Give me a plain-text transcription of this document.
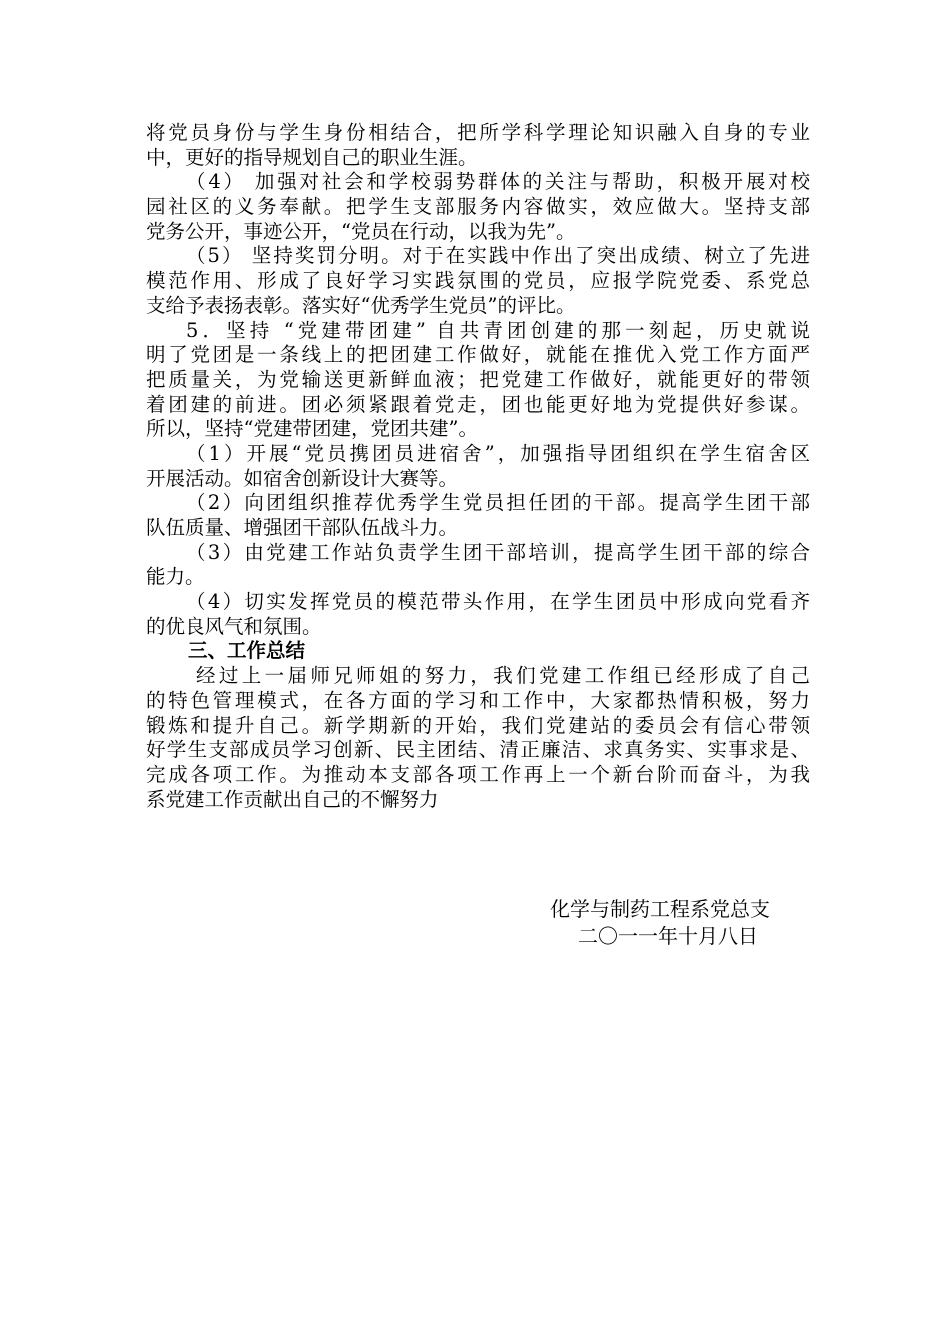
将党员身份与学生身份相结合，把所学科学理论知识融入自身的专业
中，更好的指导规划自己的职业生涯。
（4） 加强对社会和学校弱势群体的关注与帮助，积极开展对校
园社区的义务奉献。把学生支部服务内容做实，效应做大。坚持支部
党务公开，事迹公开，“党员在行动，以我为先”。
（5） 坚持奖罚分明。对于在实践中作出了突出成绩、树立了先进
模范作用、形成了良好学习实践氛围的党员，应报学院党委、系党总
支给予表扬表彰。落实好“优秀学生党员”的评比。
5．坚持 “党建带团建” 自共青团创建的那一刻起，历史就说
明了党团是一条线上的把团建工作做好，就能在推优入党工作方面严
把质量关，为党输送更新鲜血液；把党建工作做好，就能更好的带领
着团建的前进。团必须紧跟着党走，团也能更好地为党提供好参谋。
所以，坚持“党建带团建，党团共建”。
（1）开展“党员携团员进宿舍”，加强指导团组织在学生宿舍区
开展活动。如宿舍创新设计大赛等。
（2）向团组织推荐优秀学生党员担任团的干部。提高学生团干部
队伍质量、增强团干部队伍战斗力。
（3）由党建工作站负责学生团干部培训，提高学生团干部的综合
能力。
（4）切实发挥党员的模范带头作用，在学生团员中形成向党看齐
的优良风气和氛围。
三、工作总结
经过上一届师兄师姐的努力，我们党建工作组已经形成了自己
的特色管理模式，在各方面的学习和工作中，大家都热情积极，努力
锻炼和提升自己。新学期新的开始，我们党建站的委员会有信心带领
好学生支部成员学习创新、民主团结、清正廉洁、求真务实、实事求是、
完成各项工作。为推动本支部各项工作再上一个新台阶而奋斗，为我
系党建工作贡献出自己的不懈努力
化学与制药工程系党总支
二〇一一年十月八日
